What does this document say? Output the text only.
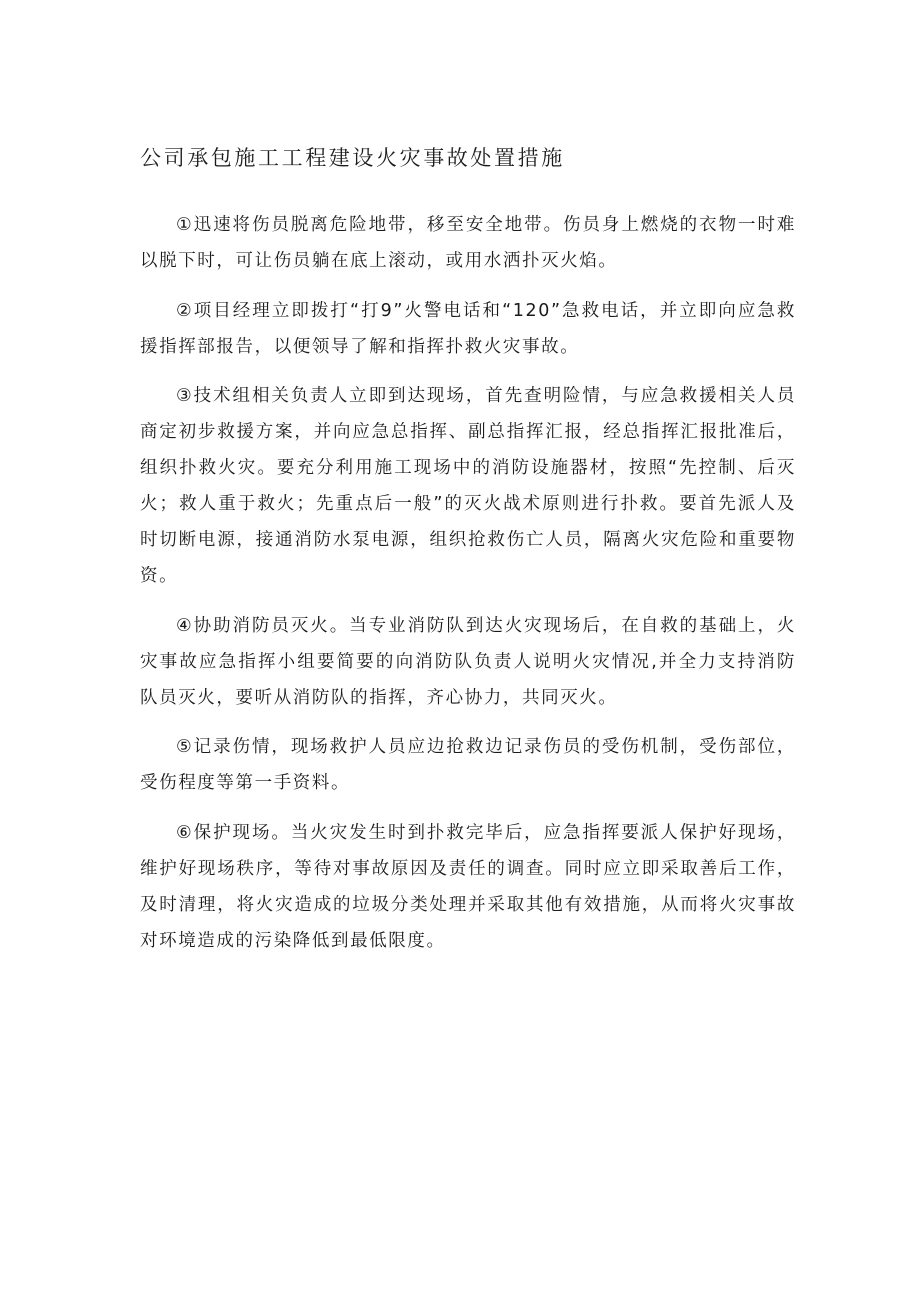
公司承包施工工程建设火灾事故处置措施

①迅速将伤员脱离危险地带，移至安全地带。伤员身上燃烧的衣物一时难以脱下时，可让伤员躺在底上滚动，或用水洒扑灭火焰。

②项目经理立即拨打“打9”火警电话和“120”急救电话，并立即向应急救援指挥部报告，以便领导了解和指挥扑救火灾事故。

③技术组相关负责人立即到达现场，首先查明险情，与应急救援相关人员商定初步救援方案，并向应急总指挥、副总指挥汇报，经总指挥汇报批准后，组织扑救火灾。要充分利用施工现场中的消防设施器材，按照“先控制、后灭火；救人重于救火；先重点后一般”的灭火战术原则进行扑救。要首先派人及时切断电源，接通消防水泵电源，组织抢救伤亡人员，隔离火灾危险和重要物资。

④协助消防员灭火。当专业消防队到达火灾现场后，在自救的基础上，火灾事故应急指挥小组要简要的向消防队负责人说明火灾情况,并全力支持消防队员灭火，要听从消防队的指挥，齐心协力，共同灭火。

⑤记录伤情，现场救护人员应边抢救边记录伤员的受伤机制，受伤部位，受伤程度等第一手资料。

⑥保护现场。当火灾发生时到扑救完毕后，应急指挥要派人保护好现场，维护好现场秩序，等待对事故原因及责任的调查。同时应立即采取善后工作，及时清理，将火灾造成的垃圾分类处理并采取其他有效措施，从而将火灾事故对环境造成的污染降低到最低限度。
